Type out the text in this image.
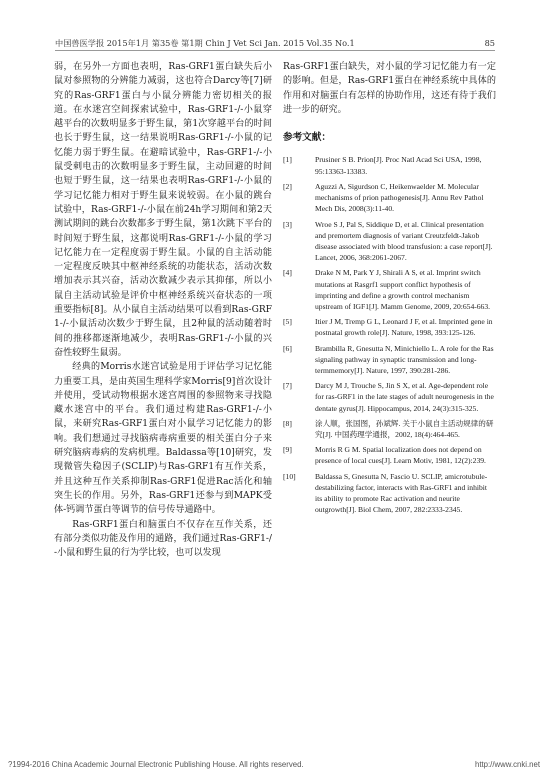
中国兽医学报 2015年1月 第35卷 第1期 Chin J Vet Sci Jan. 2015 Vol.35 No.1	85

弱，在另外一方面也表明，Ras-GRF1蛋白缺失后小鼠对参照物的分辨能力减弱，这也符合Darcy等[7]研究的Ras-GRF1蛋白与小鼠分辨能力密切相关的报道。在水迷宫空间探索试验中，Ras-GRF1-/-小鼠穿越平台的次数明显多于野生鼠，第1次穿越平台的时间也长于野生鼠，这一结果说明Ras-GRF1-/-小鼠的记忆能力弱于野生鼠。在避暗试验中，Ras-GRF1-/-小鼠受刺电击的次数明显多于野生鼠，主动回避的时间也短于野生鼠，这一结果也表明Ras-GRF1-/-小鼠的学习记忆能力相对于野生鼠来说较弱。在小鼠的跳台试验中，Ras-GRF1-/-小鼠在前24h学习期间和第2天测试期间的跳台次数都多于野生鼠，第1次跳下平台的时间短于野生鼠，这都说明Ras-GRF1-/-小鼠的学习记忆能力在一定程度弱于野生鼠。小鼠的自主活动能一定程度反映其中枢神经系统的功能状态，活动次数增加表示其兴奋，活动次数减少表示其抑郁，所以小鼠自主活动试验是评价中枢神经系统兴奋状态的一项重要指标[8]。从小鼠自主活动结果可以看到Ras-GRF1-/-小鼠活动次数少于野生鼠，且2种鼠的活动随着时间的推移都逐渐地减少，表明Ras-GRF1-/-小鼠的兴奋性较野生鼠弱。

经典的Morris水迷宫试验是用于评估学习记忆能力重要工具，是由英国生理科学家Morris[9]首次设计并使用，受试动物根据水迷宫周围的参照物来寻找隐藏水迷宫中的平台。我们通过构建Ras-GRF1-/-小鼠，来研究Ras-GRF1蛋白对小鼠学习记忆能力的影响。我们想通过寻找脑病毒病重要的相关蛋白分子来研究脑病毒病的发病机理。Baldassa等[10]研究，发现微管失稳因子(SCLIP)与Ras-GRF1有互作关系，并且这种互作关系抑制Ras-GRF1促进Rac活化和轴突生长的作用。另外，Ras-GRF1还参与到MAPK受体-钙调节蛋白等调节的信号传导通路中。

Ras-GRF1蛋白和脑蛋白不仅存在互作关系，还有部分类似功能及作用的通路，我们通过Ras-GRF1-/-小鼠和野生鼠的行为学比较，也可以发现

Ras-GRF1蛋白缺失，对小鼠的学习记忆能力有一定的影响。但是，Ras-GRF1蛋白在神经系统中具体的作用和对脑蛋白有怎样的协助作用，这还有待于我们进一步的研究。

参考文献：
[1]	Prusiner S B. Prion[J]. Proc Natl Acad Sci USA, 1998, 95:13363-13383.
[2]	Aguzzi A, Sigurdson C, Heikenwaelder M. Molecular mechanisms of prion pathogenesis[J]. Annu Rev Pathol Mech Dis, 2008(3):11-40.
[3]	Wroe S J, Pal S, Siddique D, et al. Clinical presentation and premortem diagnosis of variant Creutzfeldt-Jakob disease associated with blood transfusion: a case report[J]. Lancet, 2006, 368:2061-2067.
[4]	Drake N M, Park Y J, Shirali A S, et al. Imprint switch mutations at Rasgrf1 support conflict hypothesis of imprinting and define a growth control mechanism upstream of IGF1[J]. Mamm Genome, 2009, 20:654-663.
[5]	Itier J M, Tremp G L, Leonard J F, et al. Imprinted gene in postnatal growth role[J]. Nature, 1998, 393:125-126.
[6]	Brambilla R, Gnesutta N, Minichiello L. A role for the Ras signaling pathway in synaptic transmission and long-termmemory[J]. Nature, 1997, 390:281-286.
[7]	Darcy M J, Trouche S, Jin S X, et al. Age-dependent role for ras-GRF1 in the late stages of adult neurogenesis in the dentate gyrus[J]. Hippocampus, 2014, 24(3):315-325.
[8]	涂人顺，张国图，孙斌辉. 关于小鼠自主活动规律的研究[J]. 中国药理学通报，2002, 18(4):464-465.
[9]	Morris R G M. Spatial localization does not depend on presence of local cues[J]. Learn Motiv, 1981, 12(2):239.
[10]	Baldassa S, Gnesutta N, Fascio U. SCLIP, amicrotubule-destabilizing factor, interacts with Ras-GRF1 and inhibit its ability to promote Rac activation and neurite outgrowth[J]. Biol Chem, 2007, 282:2333-2345.
?1994-2016 China Academic Journal Electronic Publishing House. All rights reserved.	http://www.cnki.net
